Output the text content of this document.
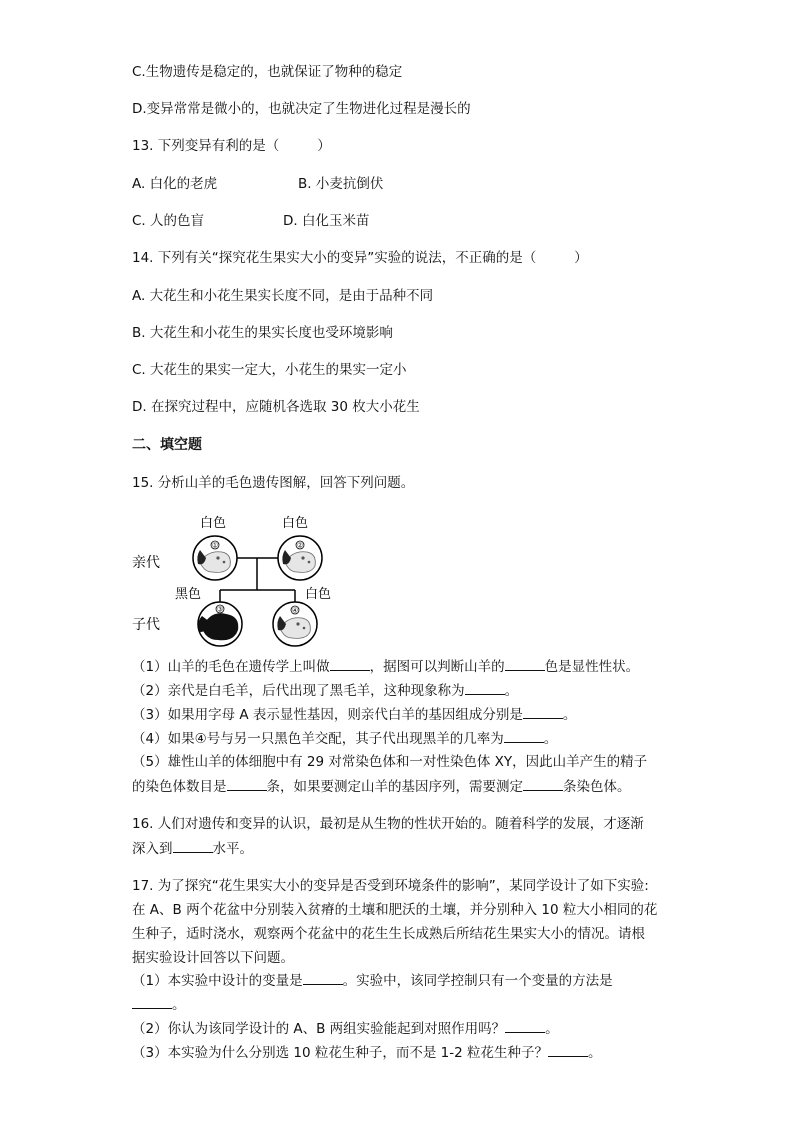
C.生物遗传是稳定的，也就保证了物种的稳定
D.变异常常是微小的，也就决定了生物进化过程是漫长的
13. 下列变异有利的是（	）
A. 白化的老虎	B. 小麦抗倒伏
C. 人的色盲	D. 白化玉米苗
14. 下列有关“探究花生果实大小的变异”实验的说法，不正确的是（	）
A. 大花生和小花生果实长度不同，是由于品种不同
B. 大花生和小花生的果实长度也受环境影响
C. 大花生的果实一定大，小花生的果实一定小
D. 在探究过程中，应随机各选取 30 枚大小花生
二、填空题
15. 分析山羊的毛色遗传图解，回答下列问题。
白色	白色
亲代
黑色	白色
子代
①	②
③	④
（1）山羊的毛色在遗传学上叫做	，据图可以判断山羊的	色是显性性状。
（2）亲代是白毛羊，后代出现了黑毛羊，这种现象称为	。
（3）如果用字母 A 表示显性基因，则亲代白羊的基因组成分别是	。
（4）如果④号与另一只黑色羊交配，其子代出现黑羊的几率为	。
（5）雄性山羊的体细胞中有 29 对常染色体和一对性染色体 XY，因此山羊产生的精子
的染色体数目是	条，如果要测定山羊的基因序列，需要测定	条染色体。
16. 人们对遗传和变异的认识，最初是从生物的性状开始的。随着科学的发展，才逐渐
深入到	水平。
17. 为了探究“花生果实大小的变异是否受到环境条件的影响”，某同学设计了如下实验:
在 A、B 两个花盆中分别装入贫瘠的土壤和肥沃的土壤，并分别种入 10 粒大小相同的花
生种子，适时浇水，观察两个花盆中的花生生长成熟后所结花生果实大小的情况。请根
据实验设计回答以下问题。
（1）本实验中设计的变量是	。实验中，该同学控制只有一个变量的方法是
。
（2）你认为该同学设计的 A、B 两组实验能起到对照作用吗？	。
（3）本实验为什么分别选 10 粒花生种子，而不是 1-2 粒花生种子？	。
